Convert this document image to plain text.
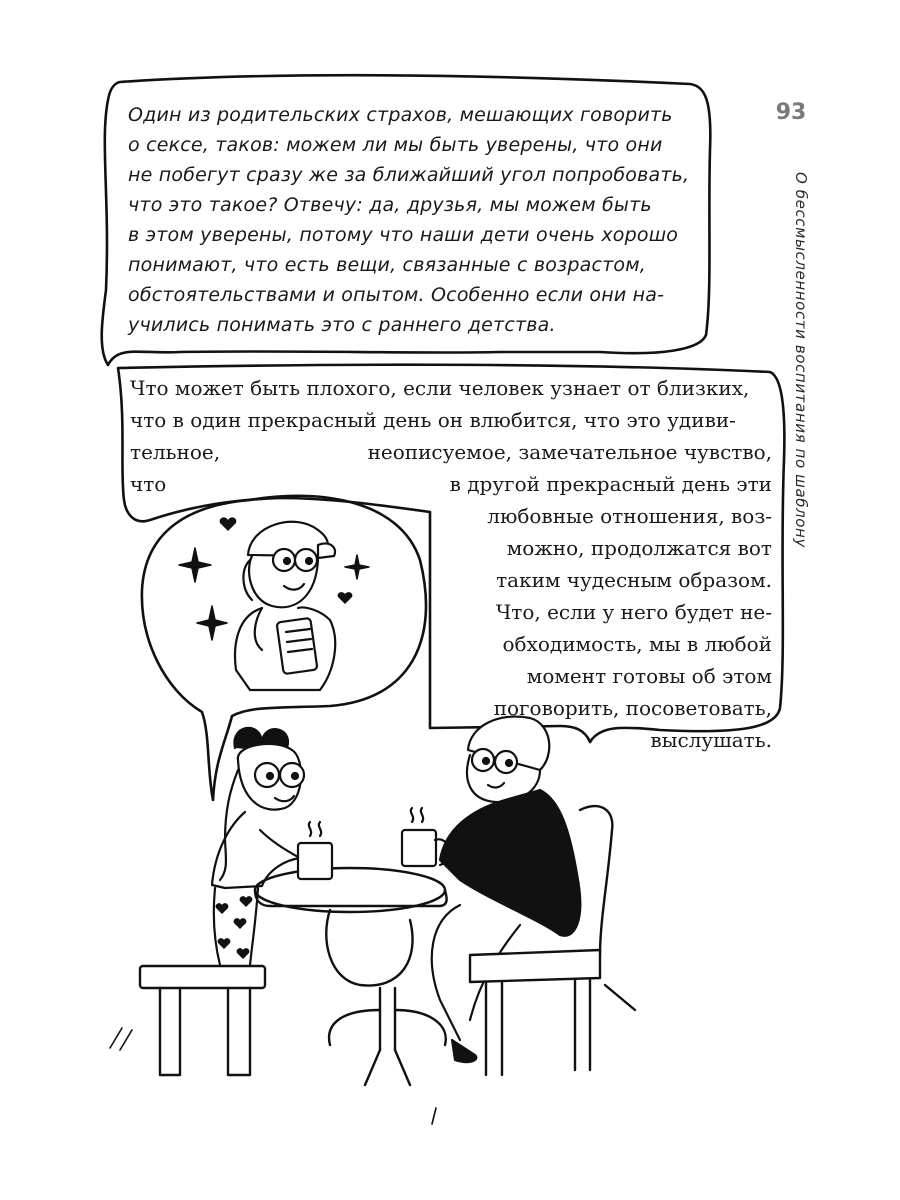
93
О бессмысленности воспитания по шаблону
Один из родительских страхов, мешающих говорить
о сексе, таков: можем ли мы быть уверены, что они
не побегут сразу же за ближайший угол попробовать,
что это такое? Отвечу: да, друзья, мы можем быть
в этом уверены, потому что наши дети очень хорошо
понимают, что есть вещи, связанные с возрастом,
обстоятельствами и опытом. Особенно если они на-
учились понимать это с раннего детства.
Что может быть плохого, если человек узнает от близких,
что в один прекрасный день он влюбится, что это удиви-
тельное,	неописуемое, замечательное чувство,
что	в другой прекрасный день эти
любовные отношения, воз-
можно, продолжатся вот
таким чудесным образом.
Что, если у него будет не-
обходимость, мы в любой
момент готовы об этом
поговорить, посоветовать,
выслушать.
